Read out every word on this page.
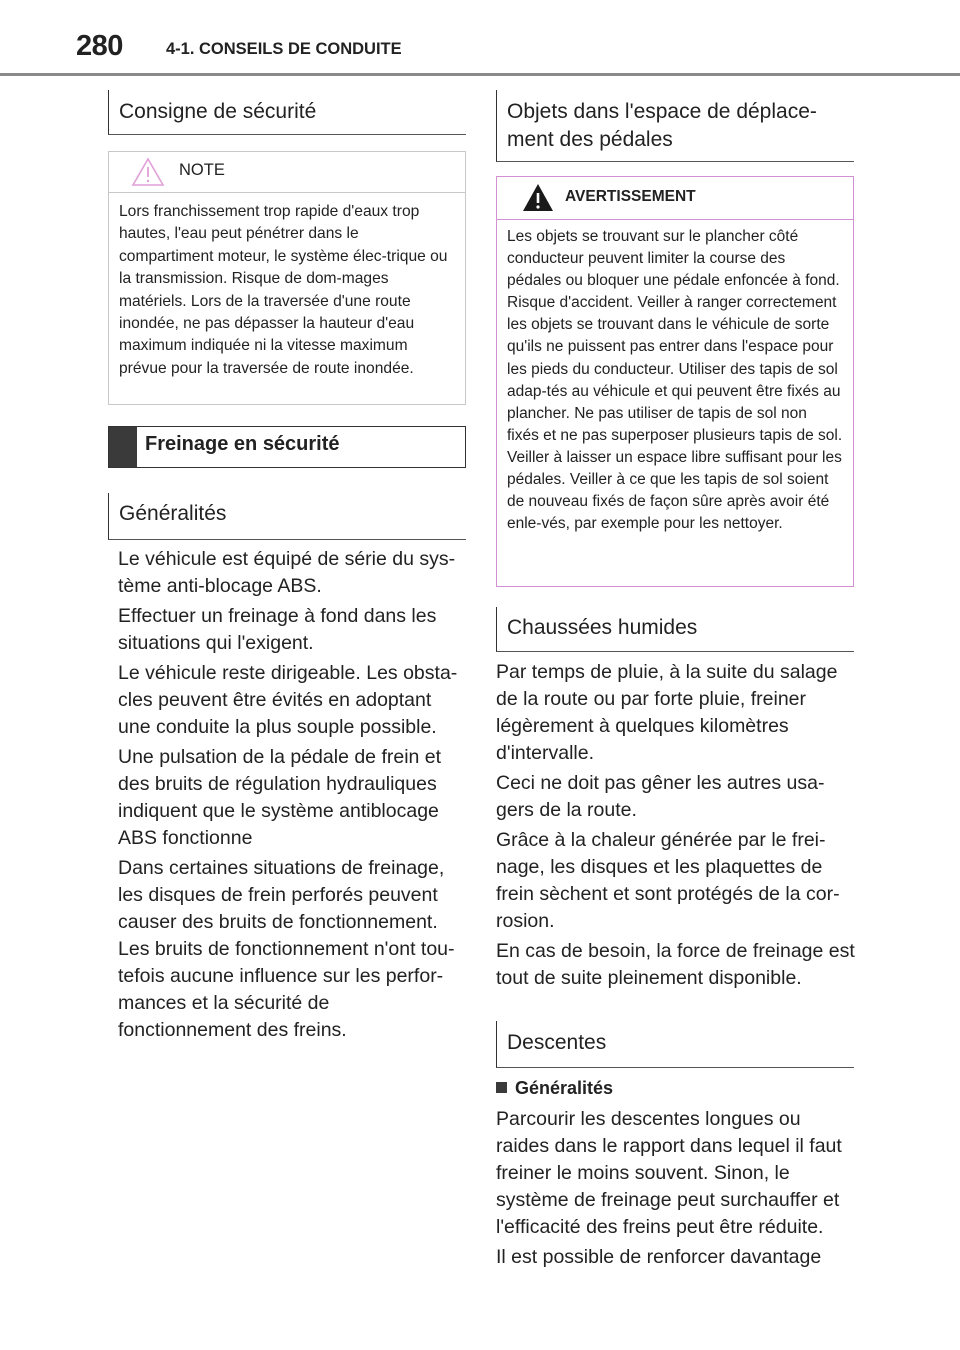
280	4-1. CONSEILS DE CONDUITE
Consigne de sécurité
NOTE
Lors franchissement trop rapide d'eaux trop hautes, l'eau peut pénétrer dans le compartiment moteur, le système élec-trique ou la transmission. Risque de dom-mages matériels. Lors de la traversée d'une route inondée, ne pas dépasser la hauteur d'eau maximum indiquée ni la vitesse maximum prévue pour la traversée de route inondée.
Freinage en sécurité
Généralités

Le véhicule est équipé de série du sys-tème anti-blocage ABS.

Effectuer un freinage à fond dans les situations qui l'exigent.

Le véhicule reste dirigeable. Les obsta-cles peuvent être évités en adoptant une conduite la plus souple possible.

Une pulsation de la pédale de frein et des bruits de régulation hydrauliques indiquent que le système antiblocage ABS fonctionne

Dans certaines situations de freinage, les disques de frein perforés peuvent causer des bruits de fonctionnement. Les bruits de fonctionnement n'ont tou-tefois aucune influence sur les perfor-mances et la sécurité de fonctionnement des freins.

Objets dans l'espace de déplace-ment des pédales
AVERTISSEMENT
Les objets se trouvant sur le plancher côté conducteur peuvent limiter la course des pédales ou bloquer une pédale enfoncée à fond. Risque d'accident. Veiller à ranger correctement les objets se trouvant dans le véhicule de sorte qu'ils ne puissent pas entrer dans l'espace pour les pieds du conducteur. Utiliser des tapis de sol adap-tés au véhicule et qui peuvent être fixés au plancher. Ne pas utiliser de tapis de sol non fixés et ne pas superposer plusieurs tapis de sol. Veiller à laisser un espace libre suffisant pour les pédales. Veiller à ce que les tapis de sol soient de nouveau fixés de façon sûre après avoir été enle-vés, par exemple pour les nettoyer.
Chaussées humides

Par temps de pluie, à la suite du salage de la route ou par forte pluie, freiner légèrement à quelques kilomètres d'intervalle.

Ceci ne doit pas gêner les autres usa-gers de la route.

Grâce à la chaleur générée par le frei-nage, les disques et les plaquettes de frein sèchent et sont protégés de la cor-rosion.

En cas de besoin, la force de freinage est tout de suite pleinement disponible.

Descentes
Généralités

Parcourir les descentes longues ou raides dans le rapport dans lequel il faut freiner le moins souvent. Sinon, le système de freinage peut surchauffer et l'efficacité des freins peut être réduite.

Il est possible de renforcer davantage
